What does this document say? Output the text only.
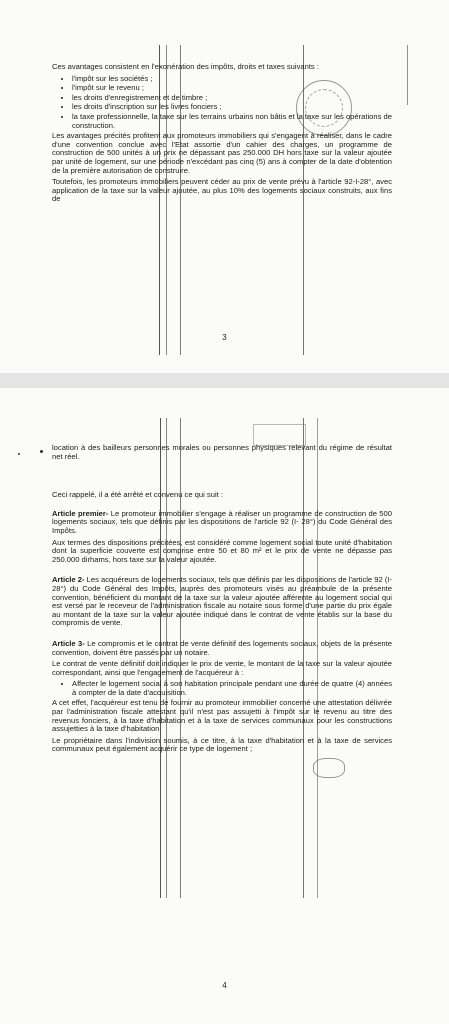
Ces avantages consistent en l'exonération des impôts, droits et taxes suivants :

• l'impôt sur les sociétés ;
• l'impôt sur le revenu ;
• les droits d'enregistrement et de timbre ;
• les droits d'inscription sur les livres fonciers ;
• la taxe professionnelle, la taxe sur les terrains urbains non bâtis et la taxe sur les opérations de construction.

Les avantages précités profitent aux promoteurs immobiliers qui s'engagent à réaliser, dans le cadre d'une convention conclue avec l'Etat assortie d'un cahier des charges, un programme de construction de 500 unités à un prix ne dépassant pas 250.000 DH hors taxe sur la valeur ajoutée par unité de logement, sur une période n'excédant pas cinq (5) ans à compter de la date d'obtention de la première autorisation de construire.

Toutefois, les promoteurs immobiliers peuvent céder au prix de vente prévu à l'article 92-I-28°, avec application de la taxe sur la valeur ajoutée, au plus 10% des logements sociaux construits, aux fins de

3

location à des bailleurs personnes morales ou personnes physiques relevant du régime de résultat net réel.

Ceci rappelé, il a été arrêté et convenu ce qui suit :

Article premier- Le promoteur immobilier s'engage à réaliser un programme de construction de 500 logements sociaux, tels que définis par les dispositions de l'article 92 (I- 28°) du Code Général des Impôts.

Aux termes des dispositions précitées, est considéré comme logement social toute unité d'habitation dont la superficie couverte est comprise entre 50 et 80 m² et le prix de vente ne dépasse pas 250.000 dirhams, hors taxe sur la valeur ajoutée.

Article 2- Les acquéreurs de logements sociaux, tels que définis par les dispositions de l'article 92 (I- 28°) du Code Général des Impôts, auprès des promoteurs visés au préambule de la présente convention, bénéficient du montant de la taxe sur la valeur ajoutée afférente au logement social qui est versé par le receveur de l'administration fiscale au notaire sous forme d'une partie du prix égale au montant de la taxe sur la valeur ajoutée indiqué dans le contrat de vente établis sur la base du compromis de vente.

Article 3- Le compromis et le contrat de vente définitif des logements sociaux, objets de la présente convention, doivent être passés par un notaire.

Le contrat de vente définitif doit indiquer le prix de vente, le montant de la taxe sur la valeur ajoutée correspondant, ainsi que l'engagement de l'acquéreur à :

• Affecter le logement social à son habitation principale pendant une durée de quatre (4) années à compter de la date d'acquisition.

A cet effet, l'acquéreur est tenu de fournir au promoteur immobilier concerné une attestation délivrée par l'administration fiscale attestant qu'il n'est pas assujetti à l'impôt sur le revenu au titre des revenus fonciers, à la taxe d'habitation et à la taxe de services communaux pour les constructions assujetties à la taxe d'habitation.

Le propriétaire dans l'indivision soumis, à ce titre, à la taxe d'habitation et à la taxe de services communaux peut également acquérir ce type de logement ;

4
